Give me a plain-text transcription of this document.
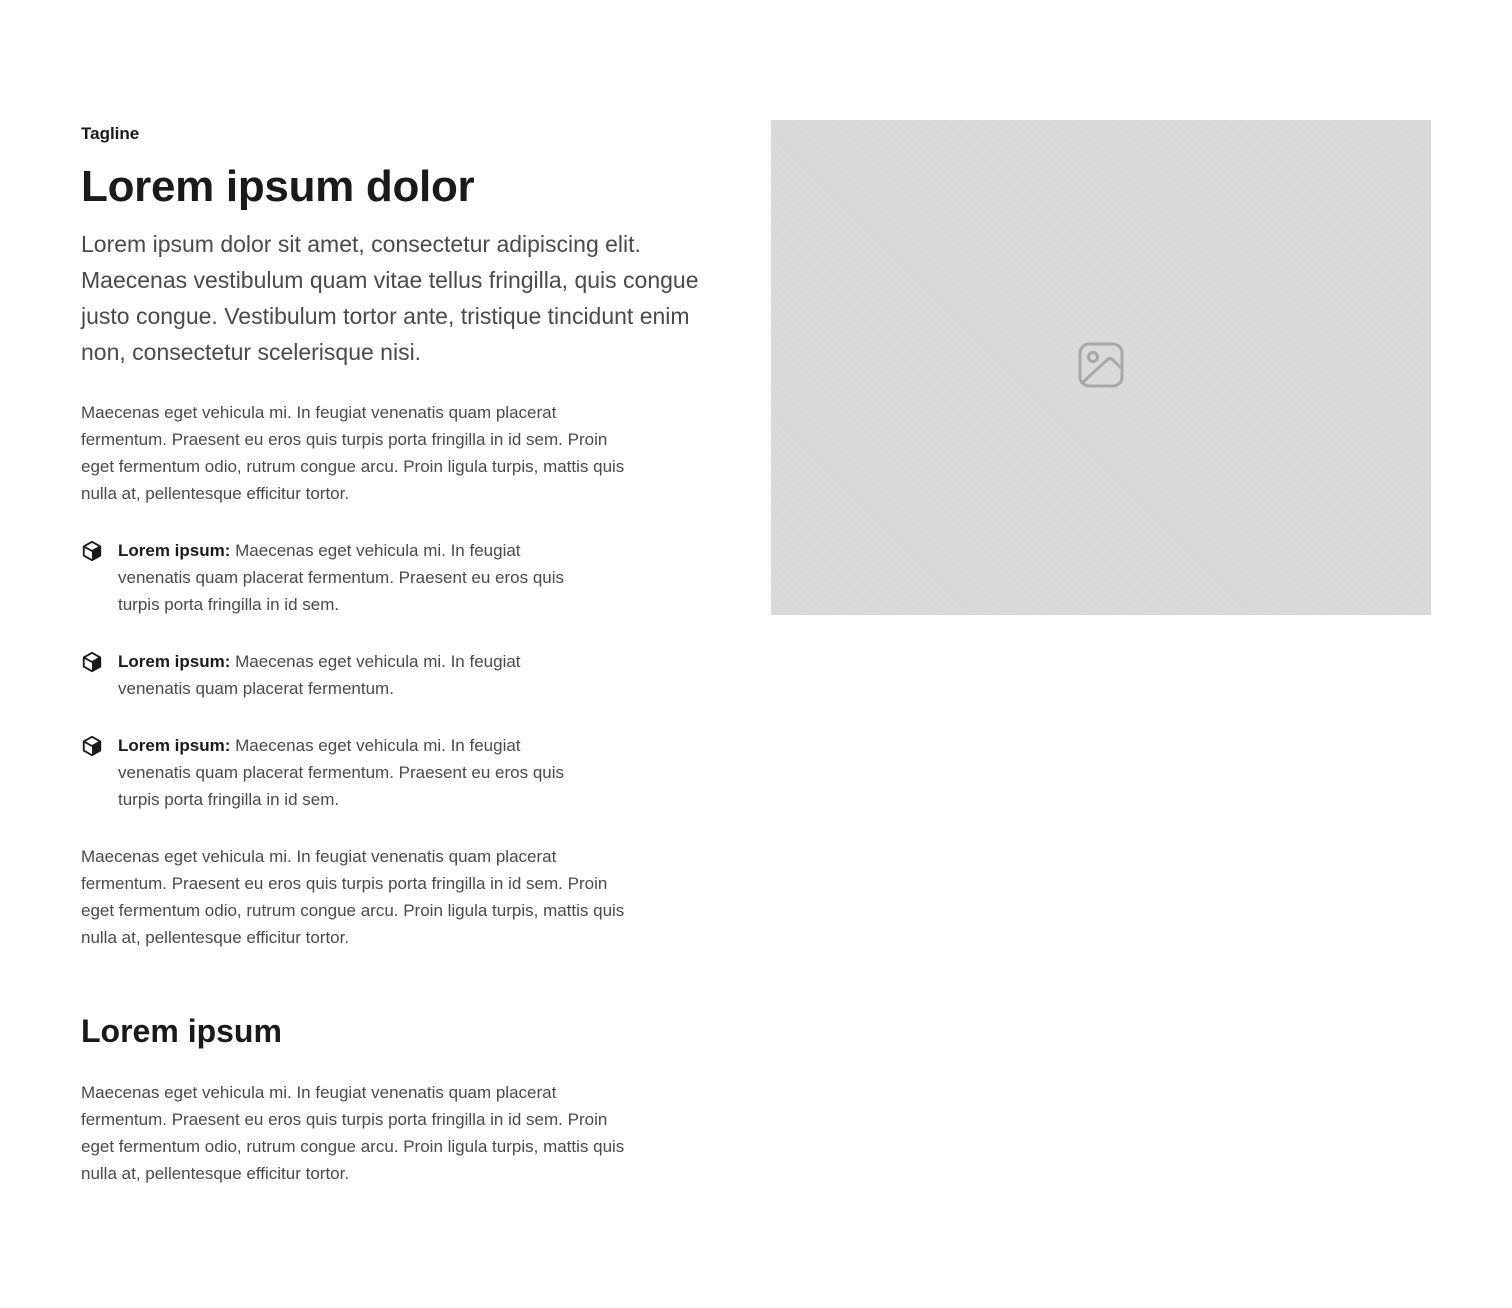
Tagline
Lorem ipsum dolor

Lorem ipsum dolor sit amet, consectetur adipiscing elit. Maecenas vestibulum quam vitae tellus fringilla, quis congue justo congue. Vestibulum tortor ante, tristique tincidunt enim non, consectetur scelerisque nisi.

Maecenas eget vehicula mi. In feugiat venenatis quam placerat fermentum. Praesent eu eros quis turpis porta fringilla in id sem. Proin eget fermentum odio, rutrum congue arcu. Proin ligula turpis, mattis quis nulla at, pellentesque efficitur tortor.

Lorem ipsum: Maecenas eget vehicula mi. In feugiat venenatis quam placerat fermentum. Praesent eu eros quis turpis porta fringilla in id sem.

Lorem ipsum: Maecenas eget vehicula mi. In feugiat venenatis quam placerat fermentum.

Lorem ipsum: Maecenas eget vehicula mi. In feugiat venenatis quam placerat fermentum. Praesent eu eros quis turpis porta fringilla in id sem.

Maecenas eget vehicula mi. In feugiat venenatis quam placerat fermentum. Praesent eu eros quis turpis porta fringilla in id sem. Proin eget fermentum odio, rutrum congue arcu. Proin ligula turpis, mattis quis nulla at, pellentesque efficitur tortor.

Lorem ipsum

Maecenas eget vehicula mi. In feugiat venenatis quam placerat fermentum. Praesent eu eros quis turpis porta fringilla in id sem. Proin eget fermentum odio, rutrum congue arcu. Proin ligula turpis, mattis quis nulla at, pellentesque efficitur tortor.
